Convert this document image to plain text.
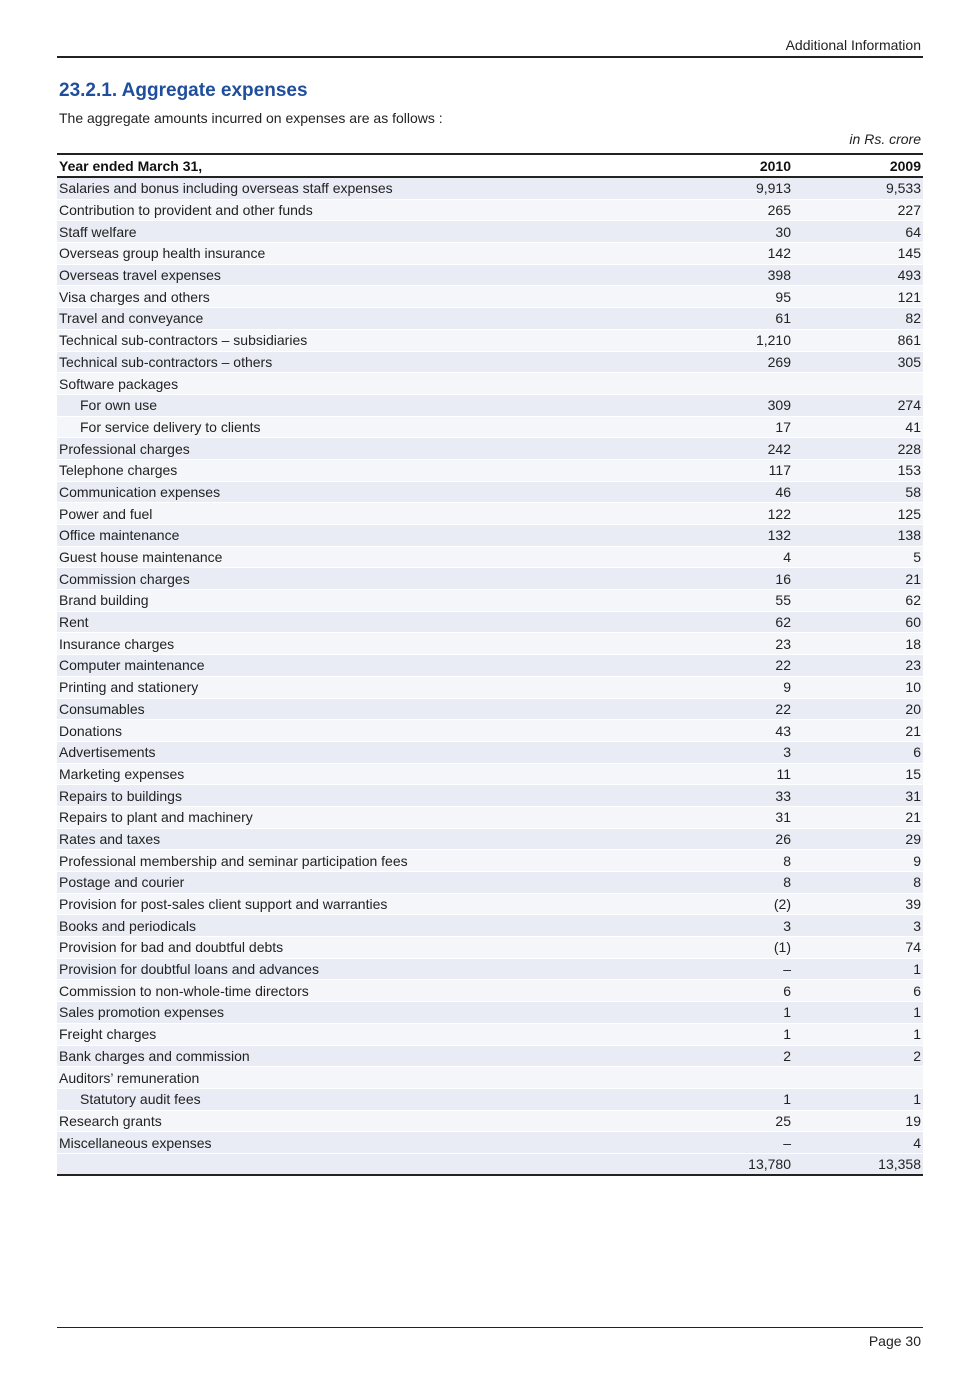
Additional Information
23.2.1. Aggregate expenses
The aggregate amounts incurred on expenses are as follows :
in Rs. crore
Year ended March 31,	2010	2009
Salaries and bonus including overseas staff expenses	9,913	9,533
Contribution to provident and other funds	265	227
Staff welfare	30	64
Overseas group health insurance	142	145
Overseas travel expenses	398	493
Visa charges and others	95	121
Travel and conveyance	61	82
Technical sub-contractors – subsidiaries	1,210	861
Technical sub-contractors – others	269	305
Software packages		
For own use	309	274
For service delivery to clients	17	41
Professional charges	242	228
Telephone charges	117	153
Communication expenses	46	58
Power and fuel	122	125
Office maintenance	132	138
Guest house maintenance	4	5
Commission charges	16	21
Brand building	55	62
Rent	62	60
Insurance charges	23	18
Computer maintenance	22	23
Printing and stationery	9	10
Consumables	22	20
Donations	43	21
Advertisements	3	6
Marketing expenses	11	15
Repairs to buildings	33	31
Repairs to plant and machinery	31	21
Rates and taxes	26	29
Professional membership and seminar participation fees	8	9
Postage and courier	8	8
Provision for post-sales client support and warranties	(2)	39
Books and periodicals	3	3
Provision for bad and doubtful debts	(1)	74
Provision for doubtful loans and advances	–	1
Commission to non-whole-time directors	6	6
Sales promotion expenses	1	1
Freight charges	1	1
Bank charges and commission	2	2
Auditors’ remuneration		
Statutory audit fees	1	1
Research grants	25	19
Miscellaneous expenses	–	4
	13,780	13,358
Page 30
